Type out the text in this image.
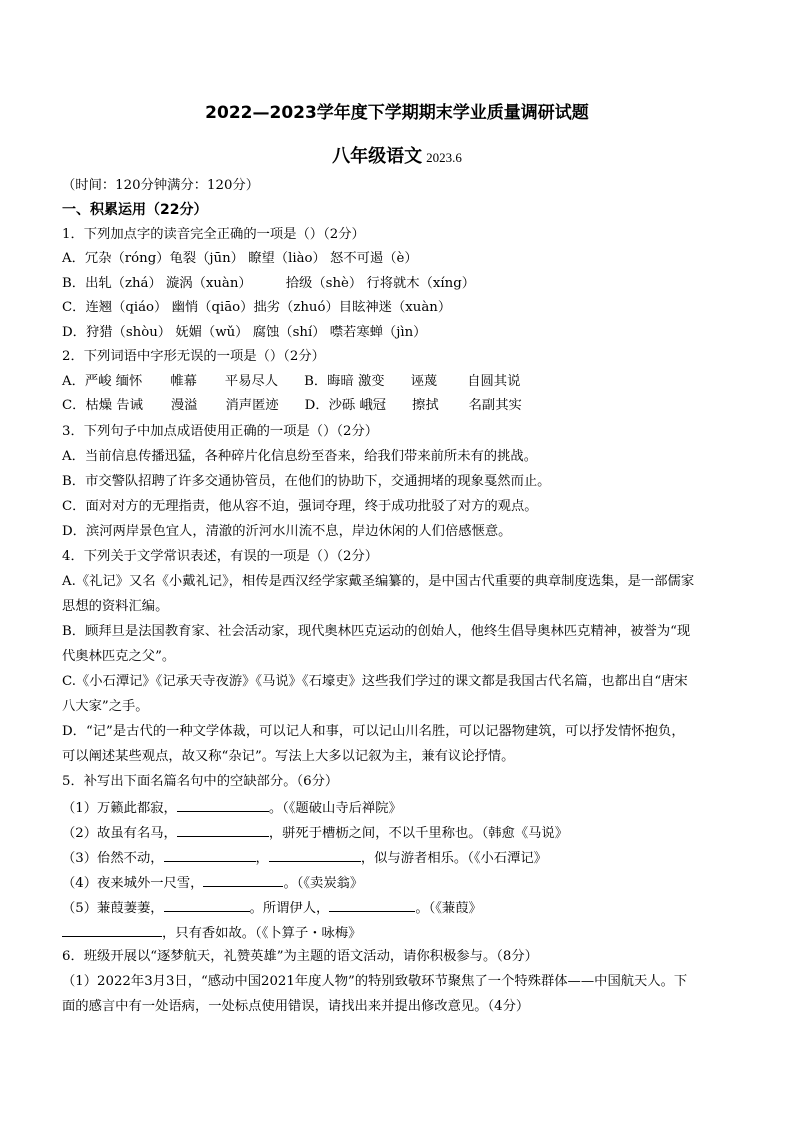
2022—2023学年度下学期期末学业质量调研试题
八年级语文 2023.6
（时间：120分钟满分：120分）
一、积累运用（22分）
1．下列加点字的读音完全正确的一项是（）（2分）
A．冗杂（róng）龟裂（jūn） 瞭望（liào） 怒不可遏（è）
B．出轧（zhá） 漩涡（xuàn）	拾级（shè） 行将就木（xíng）
C．连翘（qiáo） 幽悄（qiāo）拙劣（zhuó）目眩神迷（xuàn）
D．狩猎（shòu） 妩媚（wǔ） 腐蚀（shí） 噤若寒蝉（jìn）
2．下列词语中字形无误的一项是（）（2分）
A．严峻 缅怀 帷幕 平易尽人 B．晦暗 激变 诬蔑 自圆其说
C．枯燥 告诫 漫溢 消声匿迹 D．沙砾 峨冠 擦拭 名副其实
3．下列句子中加点成语使用正确的一项是（）（2分）
A．当前信息传播迅猛，各种碎片化信息纷至沓来，给我们带来前所未有的挑战。
B．市交警队招聘了许多交通协管员，在他们的协助下，交通拥堵的现象戛然而止。
C．面对对方的无理指责，他从容不迫，强词夺理，终于成功批驳了对方的观点。
D．滨河两岸景色宜人，清澈的沂河水川流不息，岸边休闲的人们倍感惬意。
4．下列关于文学常识表述，有误的一项是（）（2分）
A.《礼记》又名《小戴礼记》，相传是西汉经学家戴圣编纂的，是中国古代重要的典章制度选集，是一部儒家
思想的资料汇编。
B．顾拜旦是法国教育家、社会活动家，现代奥林匹克运动的创始人，他终生倡导奥林匹克精神，被誉为“现
代奥林匹克之父”。
C.《小石潭记》《记承天寺夜游》《马说》《石壕吏》这些我们学过的课文都是我国古代名篇，也都出自“唐宋
八大家”之手。
D．“记”是古代的一种文学体裁，可以记人和事，可以记山川名胜，可以记器物建筑，可以抒发情怀抱负，
可以阐述某些观点，故又称“杂记”。写法上大多以记叙为主，兼有议论抒情。
5．补写出下面名篇名句中的空缺部分。（6分）
（1）万籁此都寂，	。（《题破山寺后禅院》
（2）故虽有名马，	，骈死于槽枥之间，不以千里称也。（韩愈《马说》
（3）佁然不动，	，	，似与游者相乐。（《小石潭记》
（4）夜来城外一尺雪，	。（《卖炭翁》
（5）蒹葭萋萋，	。所谓伊人，	。（《蒹葭》
，只有香如故。（《卜算子・咏梅》
6．班级开展以“逐梦航天，礼赞英雄”为主题的语文活动，请你积极参与。（8分）
（1）2022年3月3日，“感动中国2021年度人物”的特别致敬环节聚焦了一个特殊群体——中国航天人。下
面的感言中有一处语病，一处标点使用错误，请找出来并提出修改意见。（4分）
